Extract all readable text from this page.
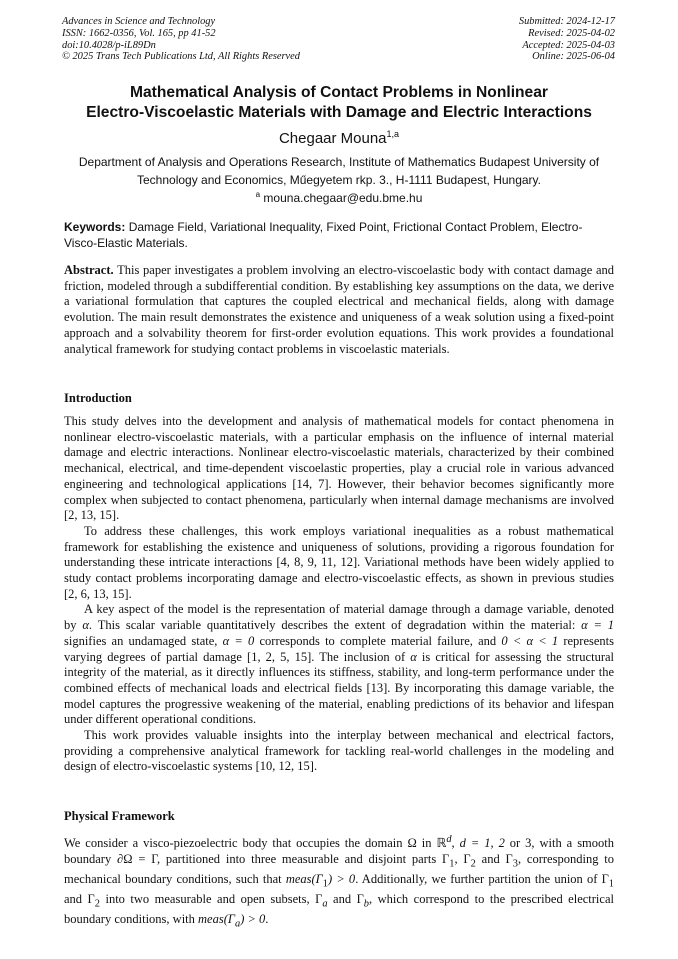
Advances in Science and Technology
ISSN: 1662-0356, Vol. 165, pp 41-52
doi:10.4028/p-iL89Dn
© 2025 Trans Tech Publications Ltd, All Rights Reserved
Submitted: 2024-12-17
Revised: 2025-04-02
Accepted: 2025-04-03
Online: 2025-06-04
Mathematical Analysis of Contact Problems in Nonlinear
Electro-Viscoelastic Materials with Damage and Electric Interactions
Chegaar Mouna$^{1,a}$
Department of Analysis and Operations Research, Institute of Mathematics Budapest University of
Technology and Economics, Műegyetem rkp. 3., H-1111 Budapest, Hungary.
$^a$ mouna.chegaar@edu.bme.hu
Keywords: Damage Field, Variational Inequality, Fixed Point, Frictional Contact Problem, Electro-Visco-Elastic Materials.

Abstract. This paper investigates a problem involving an electro-viscoelastic body with contact damage and friction, modeled through a subdifferential condition. By establishing key assumptions on the data, we derive a variational formulation that captures the coupled electrical and mechanical fields, along with damage evolution. The main result demonstrates the existence and uniqueness of a weak solution using a fixed-point approach and a solvability theorem for first-order evolution equations. This work provides a foundational analytical framework for studying contact problems in viscoelastic materials.

Introduction

This study delves into the development and analysis of mathematical models for contact phenomena in nonlinear electro-viscoelastic materials, with a particular emphasis on the influence of internal material damage and electric interactions. Nonlinear electro-viscoelastic materials, characterized by their combined mechanical, electrical, and time-dependent viscoelastic properties, play a crucial role in various advanced engineering and technological applications [14, 7]. However, their behavior becomes significantly more complex when subjected to contact phenomena, particularly when internal damage mechanisms are involved [2, 13, 15].

To address these challenges, this work employs variational inequalities as a robust mathematical framework for establishing the existence and uniqueness of solutions, providing a rigorous foundation for understanding these intricate interactions [4, 8, 9, 11, 12]. Variational methods have been widely applied to study contact problems incorporating damage and electro-viscoelastic effects, as shown in previous studies [2, 6, 13, 15].

A key aspect of the model is the representation of material damage through a damage variable, denoted by α. This scalar variable quantitatively describes the extent of degradation within the material: α = 1 signifies an undamaged state, α = 0 corresponds to complete material failure, and 0 < α < 1 represents varying degrees of partial damage [1, 2, 5, 15]. The inclusion of α is critical for assessing the structural integrity of the material, as it directly influences its stiffness, stability, and long-term performance under the combined effects of mechanical loads and electrical fields [13]. By incorporating this damage variable, the model captures the progressive weakening of the material, enabling predictions of its behavior and lifespan under different operational conditions.

This work provides valuable insights into the interplay between mechanical and electrical factors, providing a comprehensive analytical framework for tackling real-world challenges in the modeling and design of electro-viscoelastic systems [10, 12, 15].

Physical Framework

We consider a visco-piezoelectric body that occupies the domain Ω in ℝ$^d$, d = 1, 2 or 3, with a smooth boundary ∂Ω = Γ, partitioned into three measurable and disjoint parts $\Gamma_1$, $\Gamma_2$ and $\Gamma_3$, corresponding to mechanical boundary conditions, such that $meas(\Gamma_1) > 0$. Additionally, we further partition the union of $\Gamma_1$ and $\Gamma_2$ into two measurable and open subsets, $\Gamma_a$ and $\Gamma_b$, which correspond to the prescribed electrical boundary conditions, with $meas(\Gamma_a) > 0$.
